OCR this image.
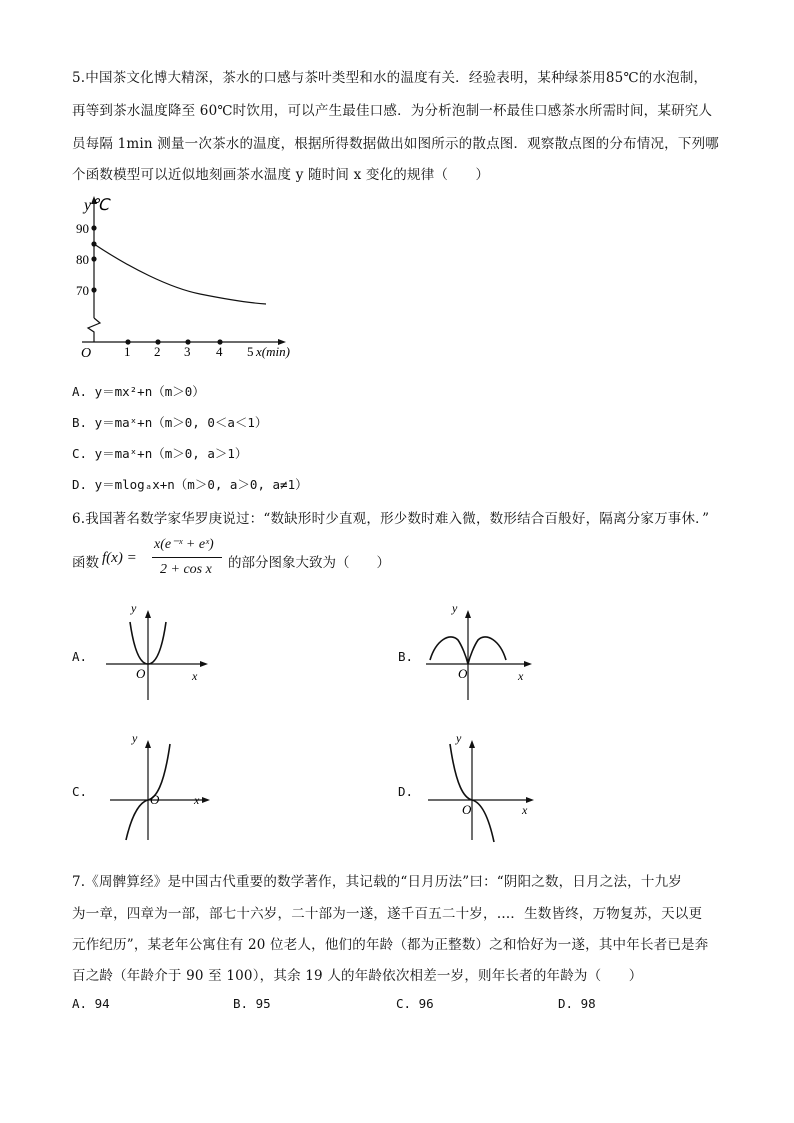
5.中国茶文化博大精深，茶水的口感与茶叶类型和水的温度有关．经验表明，某种绿茶用85℃的水泡制，
再等到茶水温度降至 60℃时饮用，可以产生最佳口感．为分析泡制一杯最佳口感茶水所需时间，某研究人
员每隔 1min 测量一次茶水的温度，根据所得数据做出如图所示的散点图．观察散点图的分布情况，下列哪
个函数模型可以近似地刻画茶水温度 y 随时间 x 变化的规律（　　）
y℃
90
80
70
O	1 2 3 4 5 x(min)
A. y＝mx²+n（m＞0）
B. y＝maˣ+n（m＞0, 0＜a＜1）
C. y＝maˣ+n（m＞0, a＞1）
D. y＝mlogₐx+n（m＞0, a＞0, a≠1）
6.我国著名数学家华罗庚说过：“数缺形时少直观，形少数时难入微，数形结合百般好，隔离分家万事休．”
函数 f(x) =
x(e⁻ˣ + eˣ)
2 + cos x 的部分图象大致为（　　）
A.
y
O	x
B.
y
O	x
C.
y
O	x
D.
y
O	x
7.《周髀算经》是中国古代重要的数学著作，其记载的“日月历法”曰：“阴阳之数，日月之法，十九岁
为一章，四章为一部，部七十六岁，二十部为一遂，遂千百五二十岁，…．生数皆终，万物复苏，天以更
元作纪历”，某老年公寓住有 20 位老人，他们的年龄（都为正整数）之和恰好为一遂，其中年长者已是奔
百之龄（年龄介于 90 至 100），其余 19 人的年龄依次相差一岁，则年长者的年龄为（　　）
A. 94	B. 95	C. 96	D. 98
